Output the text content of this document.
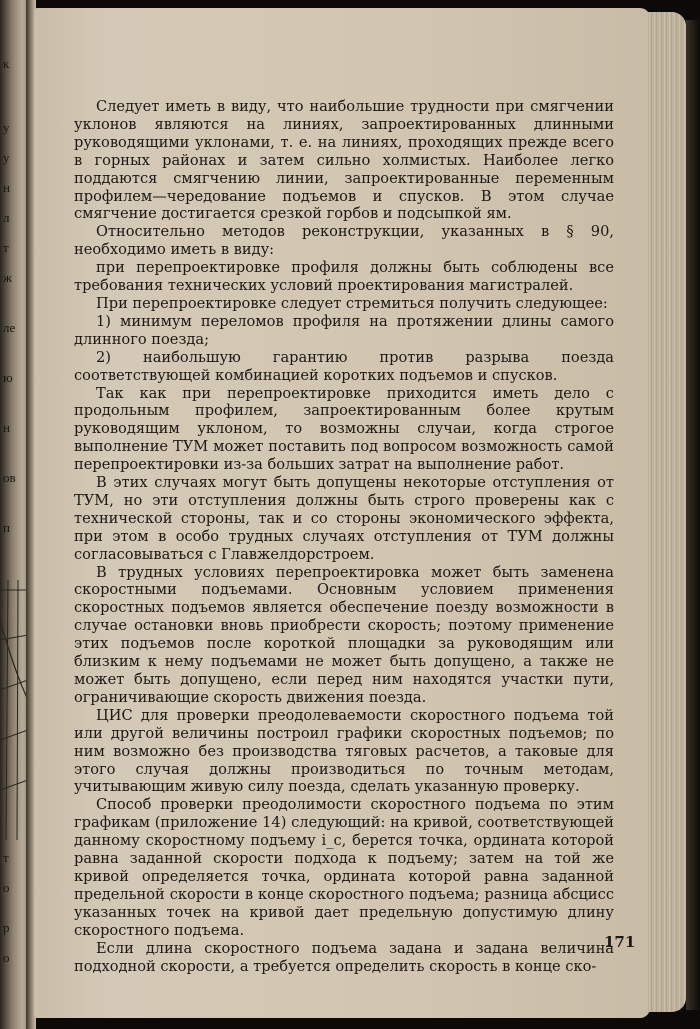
к
у
у
н
л
т
ж
ле
ю
н
ов
п
т
о
р
о

Следует иметь в виду, что наибольшие трудности при смягчении уклонов являются на линиях, запроектированных длинными руководящими уклонами, т. е. на линиях, проходящих прежде всего в горных районах и затем сильно холмистых. Наиболее легко поддаются смягчению линии, запроектированные переменным профилем—чередование подъемов и спусков. В этом случае смягчение достигается срезкой горбов и подсыпкой ям.

Относительно методов реконструкции, указанных в § 90, необходимо иметь в виду:

при перепроектировке профиля должны быть соблюдены все требования технических условий проектирования магистралей.

При перепроектировке следует стремиться получить следующее:

1) минимум переломов профиля на протяжении длины самого длинного поезда;

2) наибольшую гарантию против разрыва поезда соответствующей комбинацией коротких подъемов и спусков.

Так как при перепроектировке приходится иметь дело с продольным профилем, запроектированным более крутым руководящим уклоном, то возможны случаи, когда строгое выполнение ТУМ может поставить под вопросом возможность самой перепроектировки из-за больших затрат на выполнение работ.

В этих случаях могут быть допущены некоторые отступления от ТУМ, но эти отступления должны быть строго проверены как с технической стороны, так и со стороны экономического эффекта, при этом в особо трудных случаях отступления от ТУМ должны согласовываться с Главжелдорстроем.

В трудных условиях перепроектировка может быть заменена скоростными подъемами. Основным условием применения скоростных подъемов является обеспечение поезду возможности в случае остановки вновь приобрести скорость; поэтому применение этих подъемов после короткой площадки за руководящим или близким к нему подъемами не может быть допущено, а также не может быть допущено, если перед ним находятся участки пути, ограничивающие скорость движения поезда.

ЦИС для проверки преодолеваемости скоростного подъема той или другой величины построил графики скоростных подъемов; по ним возможно без производства тяговых расчетов, а таковые для этого случая должны производиться по точным методам, учитывающим живую силу поезда, сделать указанную проверку.

Способ проверки преодолимости скоростного подъема по этим графикам (приложение 14) следующий: на кривой, соответствующей данному скоростному подъему i_c, берется точка, ордината которой равна заданной скорости подхода к подъему; затем на той же кривой определяется точка, ордината которой равна заданной предельной скорости в конце скоростного подъема; разница абсцисс указанных точек на кривой дает предельную допустимую длину скоростного подъема.

Если длина скоростного подъема задана и задана величина подходной скорости, а требуется определить скорость в конце ско-

171
